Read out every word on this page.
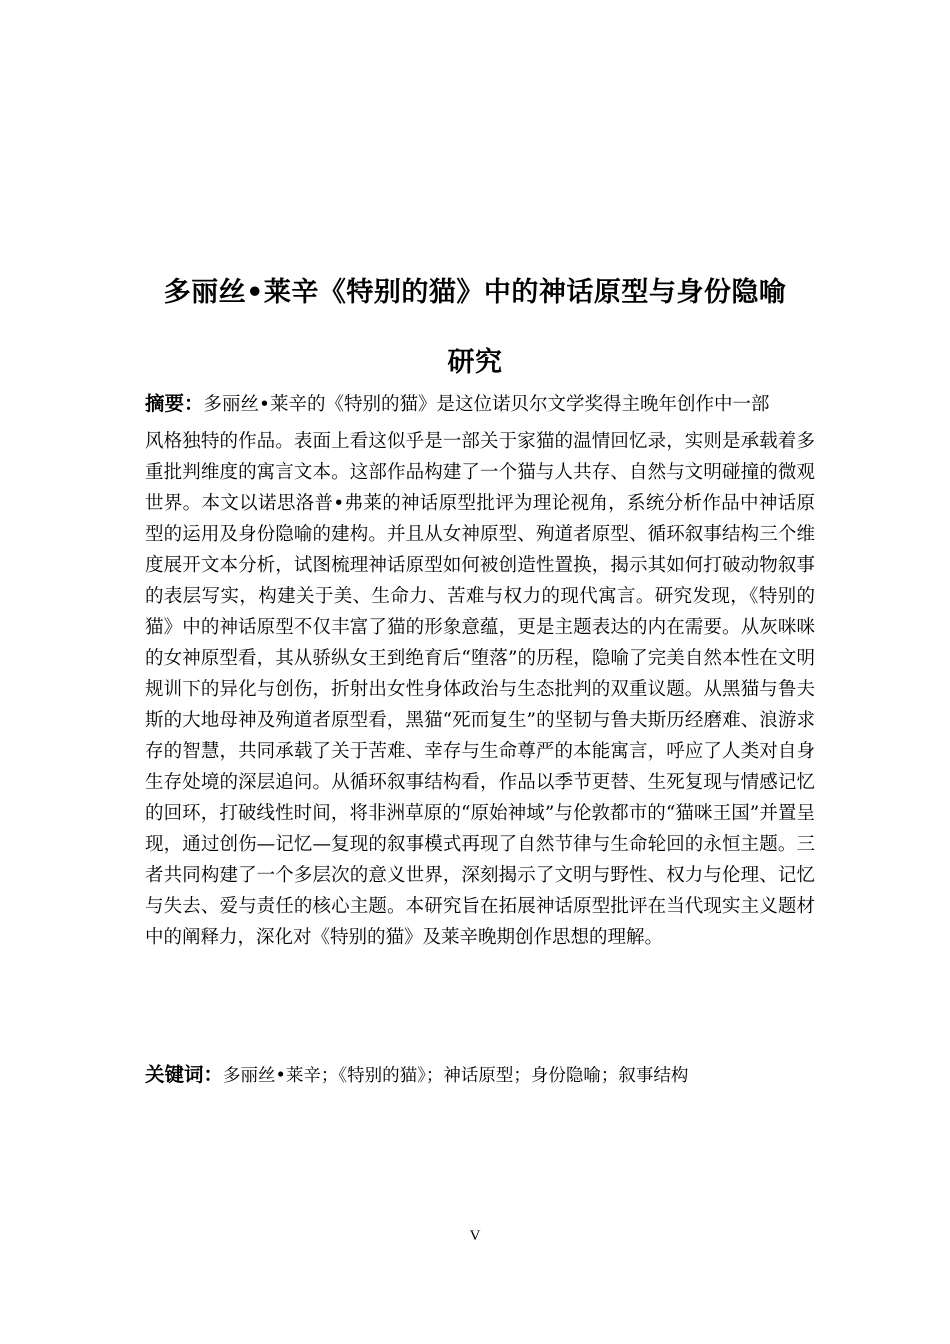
多丽丝•莱辛《特别的猫》中的神话原型与身份隐喻
研究
摘要：多丽丝•莱辛的《特别的猫》是这位诺贝尔文学奖得主晚年创作中一部
风格独特的作品。表面上看这似乎是一部关于家猫的温情回忆录，实则是承载着多重批判维度的寓言文本。这部作品构建了一个猫与人共存、自然与文明碰撞的微观世界。本文以诺思洛普•弗莱的神话原型批评为理论视角，系统分析作品中神话原型的运用及身份隐喻的建构。并且从女神原型、殉道者原型、循环叙事结构三个维度展开文本分析，试图梳理神话原型如何被创造性置换，揭示其如何打破动物叙事的表层写实，构建关于美、生命力、苦难与权力的现代寓言。研究发现，《特别的猫》中的神话原型不仅丰富了猫的形象意蕴，更是主题表达的内在需要。从灰咪咪的女神原型看，其从骄纵女王到绝育后“堕落”的历程，隐喻了完美自然本性在文明规训下的异化与创伤，折射出女性身体政治与生态批判的双重议题。从黑猫与鲁夫斯的大地母神及殉道者原型看，黑猫“死而复生”的坚韧与鲁夫斯历经磨难、浪游求存的智慧，共同承载了关于苦难、幸存与生命尊严的本能寓言，呼应了人类对自身生存处境的深层追问。从循环叙事结构看，作品以季节更替、生死复现与情感记忆的回环，打破线性时间，将非洲草原的“原始神域”与伦敦都市的“猫咪王国”并置呈现，通过创伤—记忆—复现的叙事模式再现了自然节律与生命轮回的永恒主题。三者共同构建了一个多层次的意义世界，深刻揭示了文明与野性、权力与伦理、记忆与失去、爱与责任的核心主题。本研究旨在拓展神话原型批评在当代现实主义题材中的阐释力，深化对《特别的猫》及莱辛晚期创作思想的理解。
关键词：多丽丝•莱辛；《特别的猫》；神话原型；身份隐喻；叙事结构
V
